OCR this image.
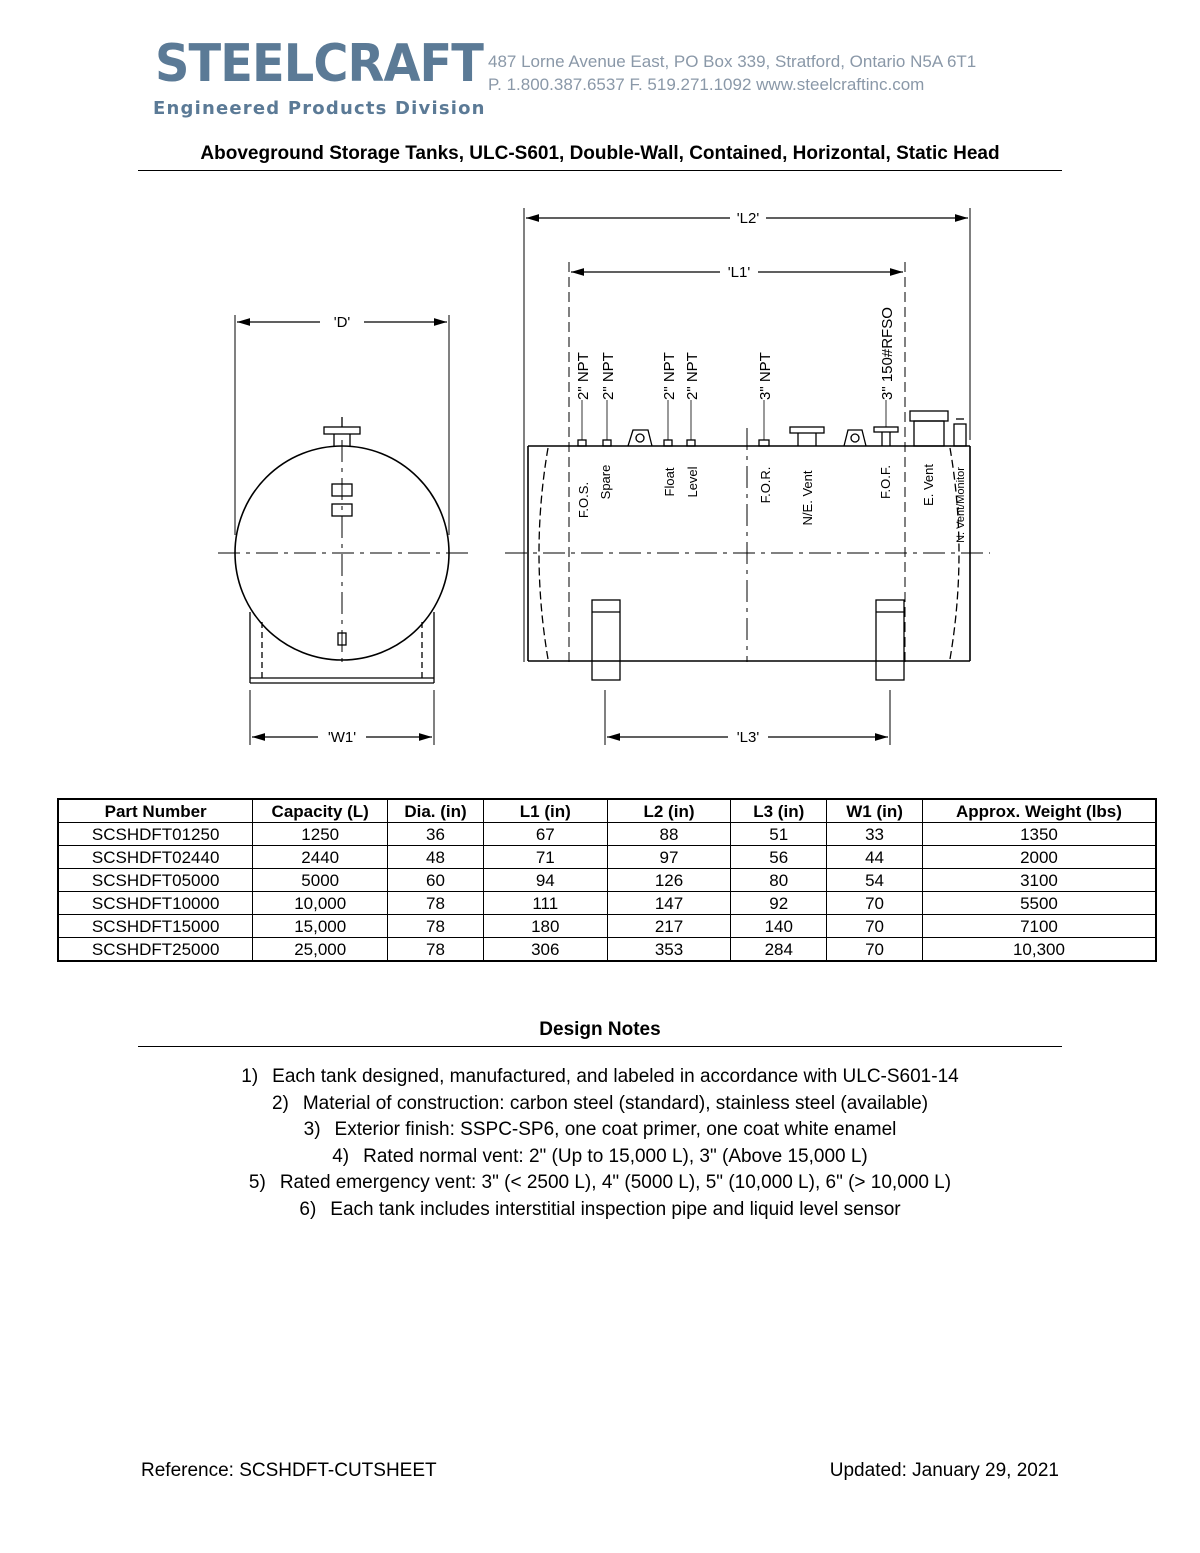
STEELCRAFT
Engineered Products Division
487 Lorne Avenue East, PO Box 339, Stratford, Ontario N5A 6T1
P. 1.800.387.6537 F. 519.271.1092 www.steelcraftinc.com
Aboveground Storage Tanks, ULC-S601, Double-Wall, Contained, Horizontal, Static Head
'D'
'W1'
'L2'
'L1'
'L3'
2" NPT 2" NPT	2" NPT 2" NPT	3" NPT	3" 150#RFSO
F.O.S. Spare	Float Level	F.O.R. N/E. Vent	F.O.F. E. Vent N. Vent/Monitor
Part Number	Capacity (L)	Dia. (in)	L1 (in)	L2 (in)	L3 (in)	W1 (in)	Approx. Weight (lbs)
SCSHDFT01250	1250	36	67	88	51	33	1350
SCSHDFT02440	2440	48	71	97	56	44	2000
SCSHDFT05000	5000	60	94	126	80	54	3100
SCSHDFT10000	10,000	78	111	147	92	70	5500
SCSHDFT15000	15,000	78	180	217	140	70	7100
SCSHDFT25000	25,000	78	306	353	284	70	10,300
Design Notes
1) Each tank designed, manufactured, and labeled in accordance with ULC-S601-14
2) Material of construction: carbon steel (standard), stainless steel (available)
3) Exterior finish: SSPC-SP6, one coat primer, one coat white enamel
4) Rated normal vent: 2" (Up to 15,000 L), 3" (Above 15,000 L)
5) Rated emergency vent: 3" (< 2500 L), 4" (5000 L), 5" (10,000 L), 6" (> 10,000 L)
6) Each tank includes interstitial inspection pipe and liquid level sensor
Reference: SCSHDFT-CUTSHEET	Updated: January 29, 2021
